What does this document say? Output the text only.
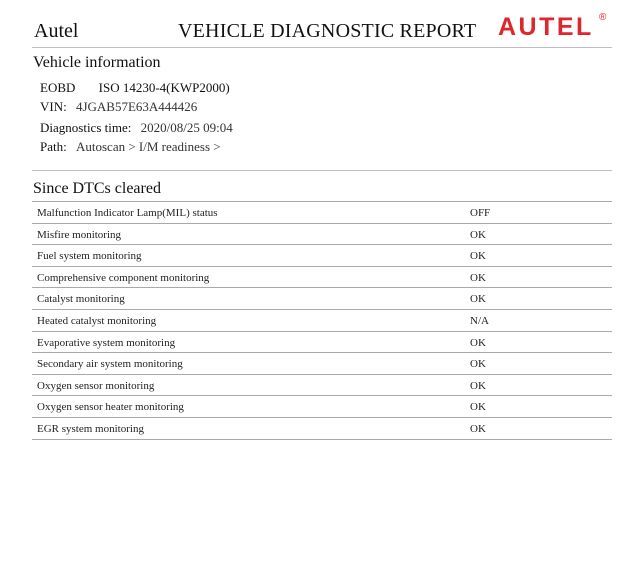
Autel	VEHICLE DIAGNOSTIC REPORT AUTEL ®
Vehicle information
EOBD ISO 14230-4(KWP2000)
VIN: 4JGAB57E63A444426
Diagnostics time: 2020/08/25 09:04
Path: Autoscan > I/M readiness >
Since DTCs cleared
Malfunction Indicator Lamp(MIL) status	OFF
Misfire monitoring	OK
Fuel system monitoring	OK
Comprehensive component monitoring	OK
Catalyst monitoring	OK
Heated catalyst monitoring	N/A
Evaporative system monitoring	OK
Secondary air system monitoring	OK
Oxygen sensor monitoring	OK
Oxygen sensor heater monitoring	OK
EGR system monitoring	OK
